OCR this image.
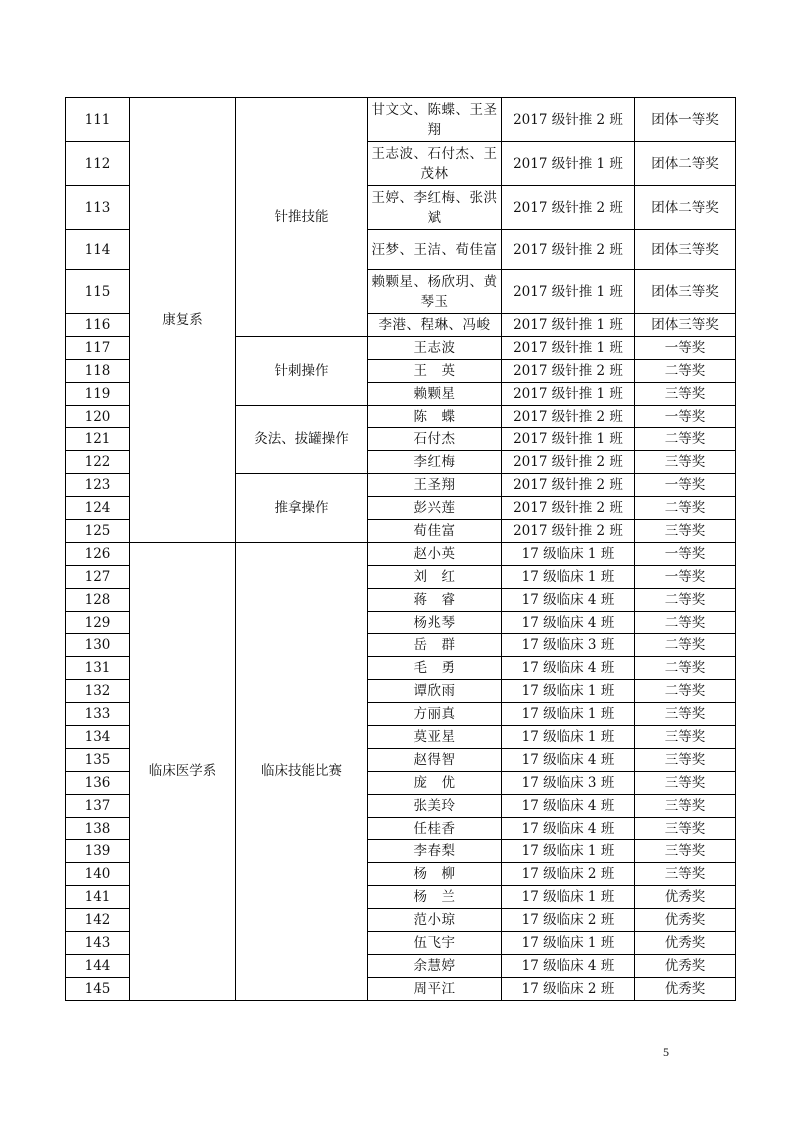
111	康复系	针推技能	甘文文、陈蝶、王圣翔	2017 级针推 2 班	团体一等奖
112			王志波、石付杰、王茂林	2017 级针推 1 班	团体二等奖
113			王婷、李红梅、张洪斌	2017 级针推 2 班	团体二等奖
114			汪梦、王洁、荀佳富	2017 级针推 2 班	团体三等奖
115			赖颗星、杨欣玥、黄琴玉	2017 级针推 1 班	团体三等奖
116			李港、程琳、冯峻	2017 级针推 1 班	团体三等奖
117		针刺操作	王志波	2017 级针推 1 班	一等奖
118			王　英	2017 级针推 2 班	二等奖
119			赖颗星	2017 级针推 1 班	三等奖
120		灸法、拔罐操作	陈　蝶	2017 级针推 2 班	一等奖
121			石付杰	2017 级针推 1 班	二等奖
122			李红梅	2017 级针推 2 班	三等奖
123		推拿操作	王圣翔	2017 级针推 2 班	一等奖
124			彭兴莲	2017 级针推 2 班	二等奖
125			荀佳富	2017 级针推 2 班	三等奖
126	临床医学系	临床技能比赛	赵小英	17 级临床 1 班	一等奖
127			刘　红	17 级临床 1 班	一等奖
128			蒋　睿	17 级临床 4 班	二等奖
129			杨兆琴	17 级临床 4 班	二等奖
130			岳　群	17 级临床 3 班	二等奖
131			毛　勇	17 级临床 4 班	二等奖
132			谭欣雨	17 级临床 1 班	二等奖
133			方丽真	17 级临床 1 班	三等奖
134			莫亚星	17 级临床 1 班	三等奖
135			赵得智	17 级临床 4 班	三等奖
136			庞　优	17 级临床 3 班	三等奖
137			张美玲	17 级临床 4 班	三等奖
138			任桂香	17 级临床 4 班	三等奖
139			李春梨	17 级临床 1 班	三等奖
140			杨　柳	17 级临床 2 班	三等奖
141			杨　兰	17 级临床 1 班	优秀奖
142			范小琼	17 级临床 2 班	优秀奖
143			伍飞宇	17 级临床 1 班	优秀奖
144			余慧婷	17 级临床 4 班	优秀奖
145			周平江	17 级临床 2 班	优秀奖
5
